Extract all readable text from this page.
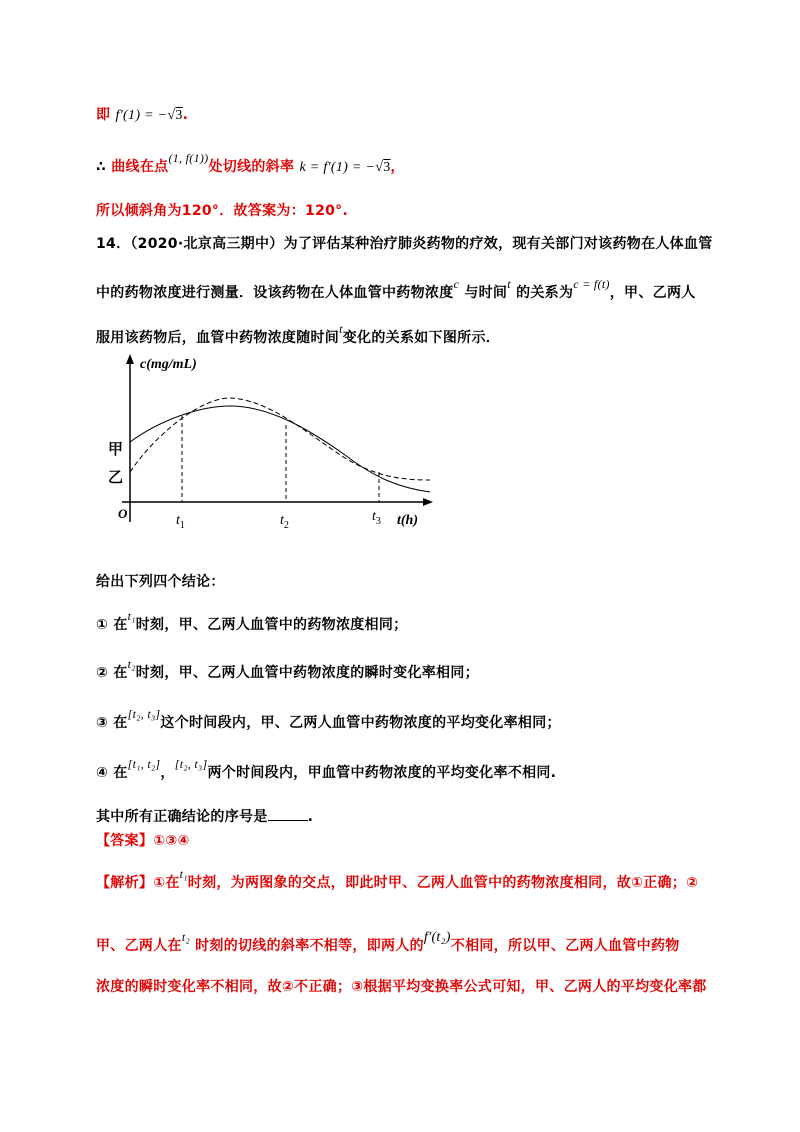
即 f′(1) = −√3.
∴ 曲线在点(1, f(1))处切线的斜率 k = f′(1) = −√3，
所以倾斜角为120°．故答案为：120°.
14．（2020·北京高三期中）为了评估某种治疗肺炎药物的疗效，现有关部门对该药物在人体血管
中的药物浓度进行测量．设该药物在人体血管中药物浓度c 与时间t 的关系为c = f(t)，甲、乙两人
服用该药物后，血管中药物浓度随时间t变化的关系如下图所示．
c(mg/mL)
t(h)
O
甲
乙
$t_1$	$t_2$
$t_3$
给出下列四个结论：
① 在t₁时刻，甲、乙两人血管中的药物浓度相同；
② 在t₂时刻，甲、乙两人血管中药物浓度的瞬时变化率相同；
③ 在[t₂, t₃]这个时间段内，甲、乙两人血管中药物浓度的平均变化率相同；
④ 在[t₁, t₂]，[t₂, t₃]两个时间段内，甲血管中药物浓度的平均变化率不相同.
其中所有正确结论的序号是	.
【答案】①③④
【解析】①在t₁时刻，为两图象的交点，即此时甲、乙两人血管中的药物浓度相同，故①正确；②
甲、乙两人在t₂ 时刻的切线的斜率不相等，即两人的f′(t₂)不相同，所以甲、乙两人血管中药物
浓度的瞬时变化率不相同，故②不正确；③根据平均变换率公式可知，甲、乙两人的平均变化率都
